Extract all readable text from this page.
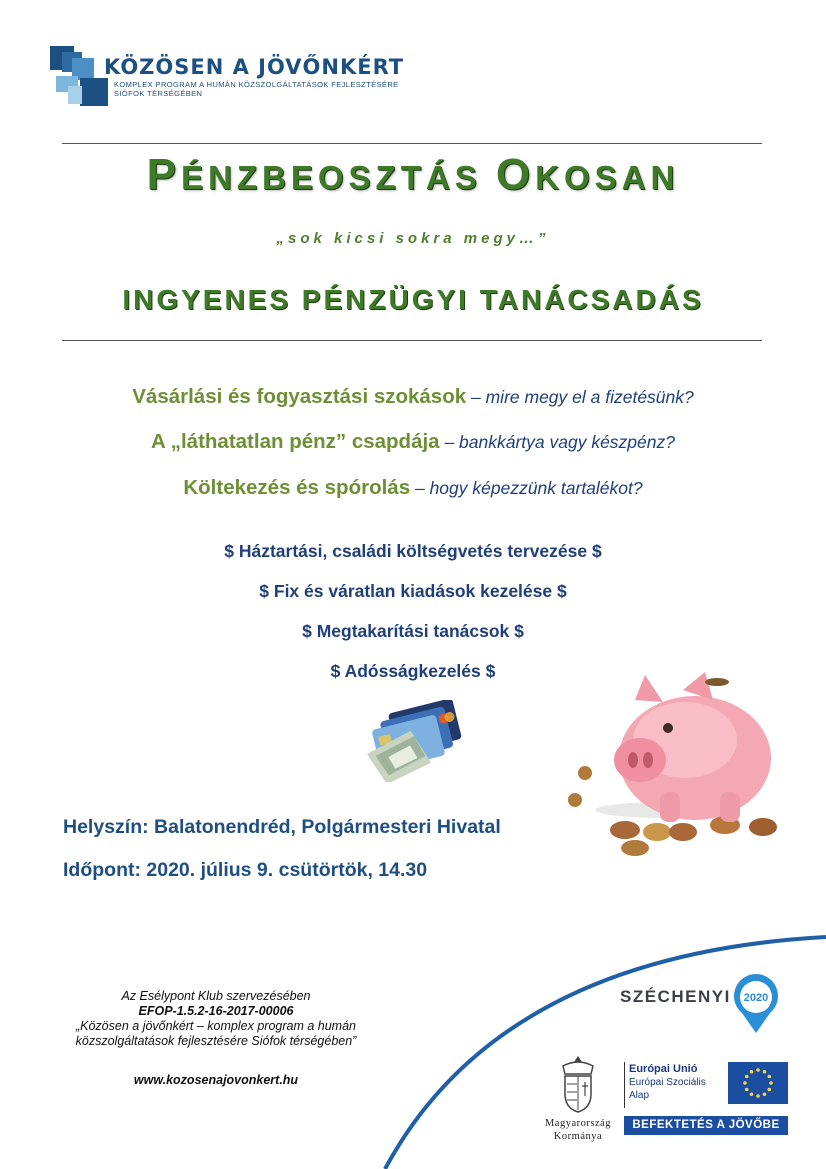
KÖZÖSEN A JÖVŐNKÉRT
KOMPLEX PROGRAM A HUMÁN KÖZSZOLGÁLTATÁSOK FEJLESZTÉSÉRE
SIÓFOK TÉRSÉGÉBEN
PÉNZBEOSZTÁS OKOSAN
„sok kicsi sokra megy…”
INGYENES PÉNZÜGYI TANÁCSADÁS
Vásárlási és fogyasztási szokások – mire megy el a fizetésünk?
A „láthatatlan pénz” csapdája – bankkártya vagy készpénz?
Költekezés és spórolás – hogy képezzünk tartalékot?
$ Háztartási, családi költségvetés tervezése $
$ Fix és váratlan kiadások kezelése $
$ Megtakarítási tanácsok $
$ Adósságkezelés $
Helyszín: Balatonendréd, Polgármesteri Hivatal
Időpont: 2020. július 9. csütörtök, 14.30
Az Esélypont Klub szervezésében
EFOP-1.5.2-16-2017-00006
„Közösen a jövőnkért – komplex program a humán
közszolgáltatások fejlesztésére Siófok térségében”
www.kozosenajovonkert.hu
SZÉCHENYI 2020
Magyarország
Kormánya
Európai Unió
Európai Szociális
Alap
BEFEKTETÉS A JÖVŐBE
